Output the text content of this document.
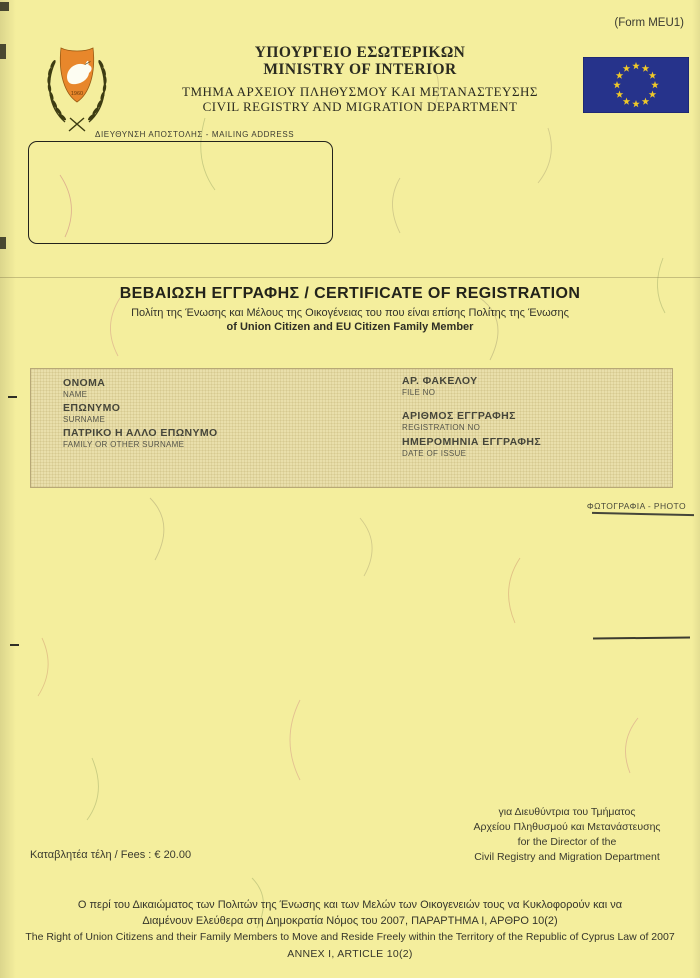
(Form MEU1)
1960
ΥΠΟΥΡΓΕΙΟ ΕΣΩΤΕΡΙΚΩΝ
MINISTRY OF INTERIOR
ΤΜΗΜΑ ΑΡΧΕΙΟΥ ΠΛΗΘΥΣΜΟΥ ΚΑΙ ΜΕΤΑΝΑΣΤΕΥΣΗΣ
CIVIL REGISTRY AND MIGRATION DEPARTMENT
ΔΙΕΥΘΥΝΣΗ ΑΠΟΣΤΟΛΗΣ - MAILING ADDRESS
ΒΕΒΑΙΩΣΗ ΕΓΓΡΑΦΗΣ / CERTIFICATE OF REGISTRATION
Πολίτη της Ένωσης και Μέλους της Οικογένειας του που είναι επίσης Πολίτης της Ένωσης
of Union Citizen and EU Citizen Family Member
ΟΝΟΜΑ
NAME
ΕΠΩΝΥΜΟ
SURNAME
ΠΑΤΡΙΚΟ Η ΑΛΛΟ ΕΠΩΝΥΜΟ
FAMILY OR OTHER SURNAME
ΑΡ. ΦΑΚΕΛΟΥ
FILE NO
ΑΡΙΘΜΟΣ ΕΓΓΡΑΦΗΣ
REGISTRATION NO
ΗΜΕΡΟΜΗΝΙΑ ΕΓΓΡΑΦΗΣ
DATE OF ISSUE
ΦΩΤΟΓΡΑΦΙΑ - PHOTO
για Διευθύντρια του Τμήματος
Αρχείου Πληθυσμού και Μετανάστευσης
for the Director of the
Civil Registry and Migration Department
Καταβλητέα τέλη / Fees : € 20.00
Ο περί του Δικαιώματος των Πολιτών της Ένωσης και των Μελών των Οικογενειών τους να Κυκλοφορούν και να
Διαμένουν Ελεύθερα στη Δημοκρατία Νόμος του 2007, ΠΑΡΑΡΤΗΜΑ Ι, ΑΡΘΡΟ 10(2)
The Right of Union Citizens and their Family Members to Move and Reside Freely within the Territory of the Republic of Cyprus Law of 2007
ANNEX I, ARTICLE 10(2)
